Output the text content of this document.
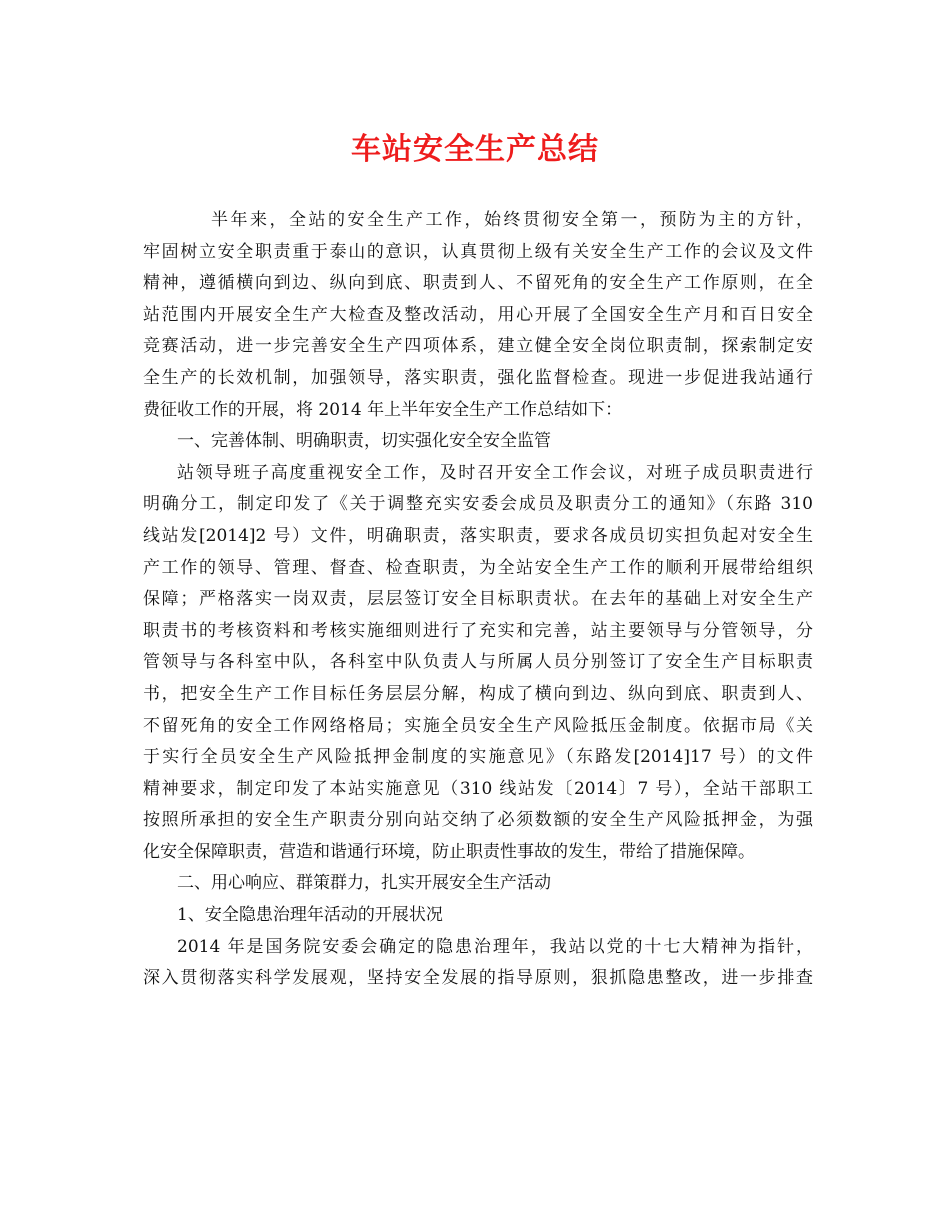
车站安全生产总结
半年来，全站的安全生产工作，始终贯彻安全第一，预防为主的方针，
牢固树立安全职责重于泰山的意识，认真贯彻上级有关安全生产工作的会议及文件
精神，遵循横向到边、纵向到底、职责到人、不留死角的安全生产工作原则，在全
站范围内开展安全生产大检查及整改活动，用心开展了全国安全生产月和百日安全
竞赛活动，进一步完善安全生产四项体系，建立健全安全岗位职责制，探索制定安
全生产的长效机制，加强领导，落实职责，强化监督检查。现进一步促进我站通行
费征收工作的开展，将 2014 年上半年安全生产工作总结如下：
一、完善体制、明确职责，切实强化安全安全监管
站领导班子高度重视安全工作，及时召开安全工作会议，对班子成员职责进行
明确分工，制定印发了《关于调整充实安委会成员及职责分工的通知》（东路 310
线站发[2014]2 号）文件，明确职责，落实职责，要求各成员切实担负起对安全生
产工作的领导、管理、督查、检查职责，为全站安全生产工作的顺利开展带给组织
保障；严格落实一岗双责，层层签订安全目标职责状。在去年的基础上对安全生产
职责书的考核资料和考核实施细则进行了充实和完善，站主要领导与分管领导，分
管领导与各科室中队，各科室中队负责人与所属人员分别签订了安全生产目标职责
书，把安全生产工作目标任务层层分解，构成了横向到边、纵向到底、职责到人、
不留死角的安全工作网络格局；实施全员安全生产风险抵压金制度。依据市局《关
于实行全员安全生产风险抵押金制度的实施意见》（东路发[2014]17 号）的文件
精神要求，制定印发了本站实施意见（310 线站发〔2014〕7 号），全站干部职工
按照所承担的安全生产职责分别向站交纳了必须数额的安全生产风险抵押金，为强
化安全保障职责，营造和谐通行环境，防止职责性事故的发生，带给了措施保障。
二、用心响应、群策群力，扎实开展安全生产活动
1、安全隐患治理年活动的开展状况
2014 年是国务院安委会确定的隐患治理年，我站以党的十七大精神为指针，
深入贯彻落实科学发展观，坚持安全发展的指导原则，狠抓隐患整改，进一步排查
